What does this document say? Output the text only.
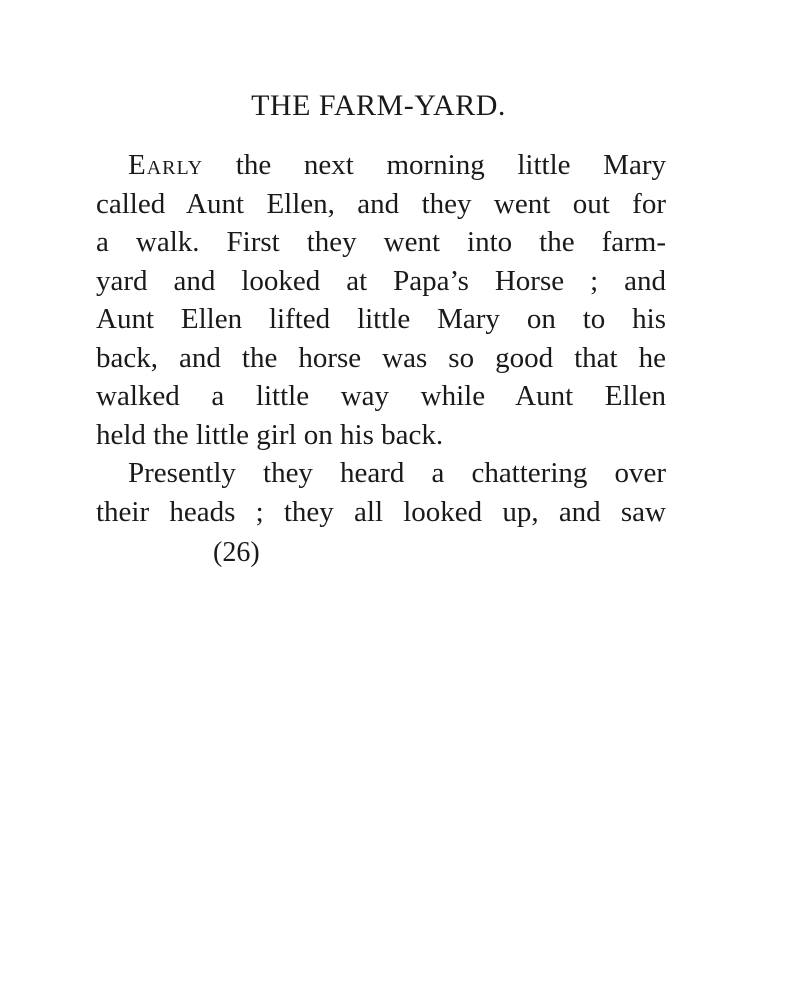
THE FARM-YARD.
Early the next morning little Mary
called Aunt Ellen, and they went out for
a walk. First they went into the farm-
yard and looked at Papa’s Horse ; and
Aunt Ellen lifted little Mary on to his
back, and the horse was so good that he
walked a little way while Aunt Ellen
held the little girl on his back.
Presently they heard a chattering over
their heads ; they all looked up, and saw
(26)
